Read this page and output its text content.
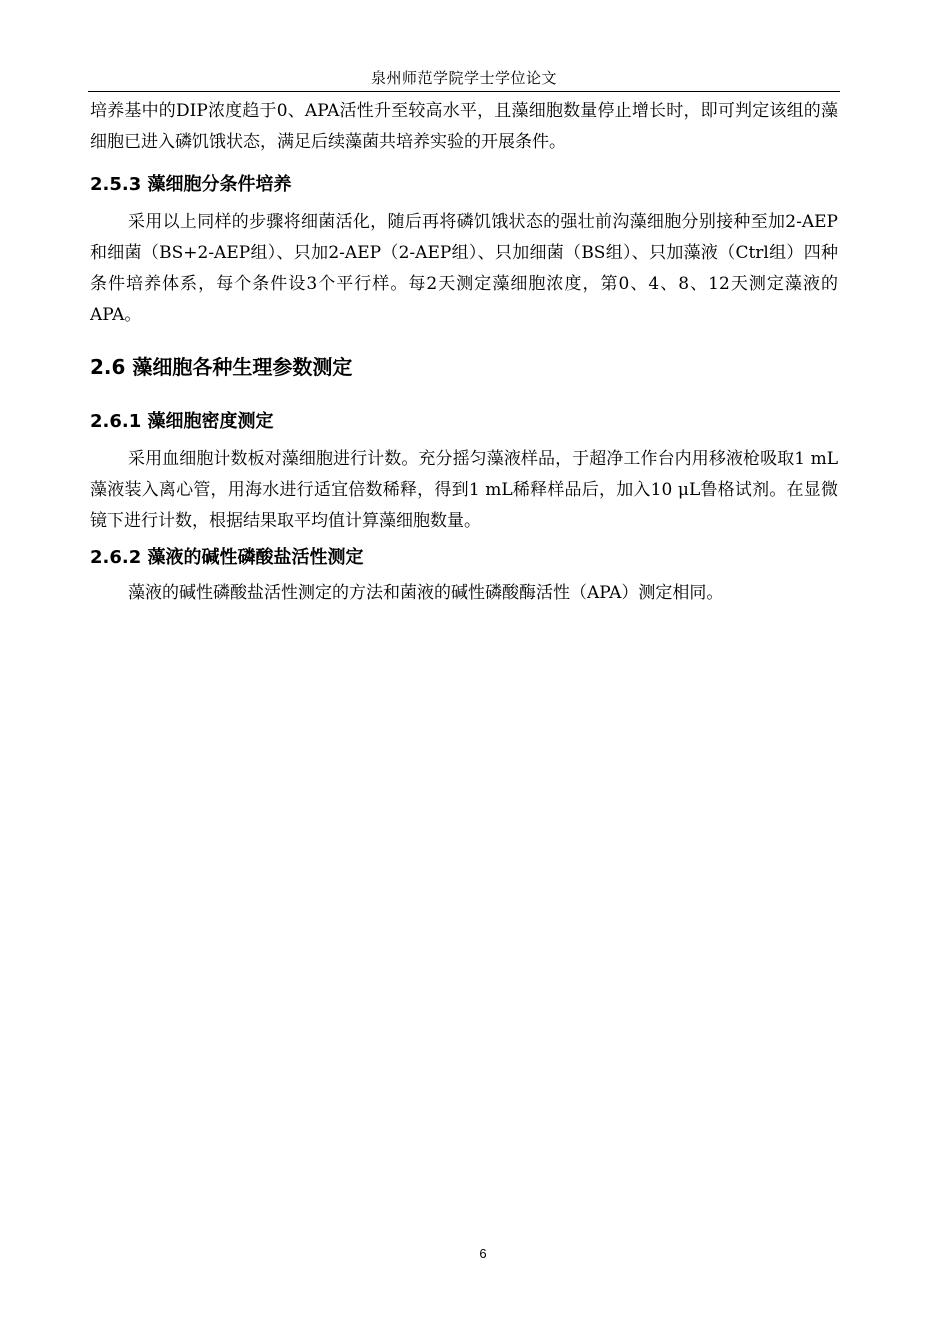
泉州师范学院学士学位论文

培养基中的DIP浓度趋于0、APA活性升至较高水平，且藻细胞数量停止增长时，即可判定该组的藻细胞已进入磷饥饿状态，满足后续藻菌共培养实验的开展条件。

2.5.3 藻细胞分条件培养

采用以上同样的步骤将细菌活化，随后再将磷饥饿状态的强壮前沟藻细胞分别接种至加2-AEP和细菌（BS+2-AEP组）、只加2-AEP（2-AEP组）、只加细菌（BS组）、只加藻液（Ctrl组）四种条件培养体系，每个条件设3个平行样。每2天测定藻细胞浓度，第0、4、8、12天测定藻液的APA。

2.6 藻细胞各种生理参数测定
2.6.1 藻细胞密度测定

采用血细胞计数板对藻细胞进行计数。充分摇匀藻液样品，于超净工作台内用移液枪吸取1 mL藻液装入离心管，用海水进行适宜倍数稀释，得到1 mL稀释样品后，加入10 μL鲁格试剂。在显微镜下进行计数，根据结果取平均值计算藻细胞数量。

2.6.2 藻液的碱性磷酸盐活性测定

藻液的碱性磷酸盐活性测定的方法和菌液的碱性磷酸酶活性（APA）测定相同。

6
